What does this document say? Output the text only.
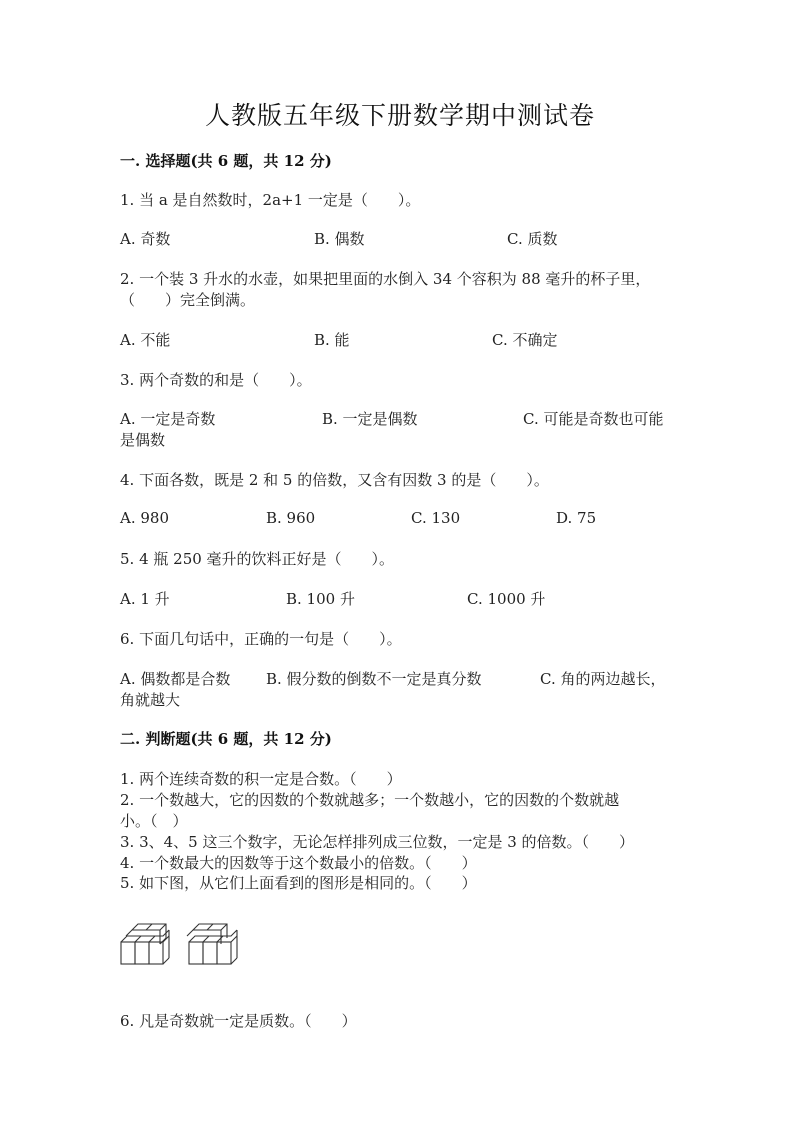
人教版五年级下册数学期中测试卷
一. 选择题(共 6 题，共 12 分)
1. 当 a 是自然数时，2a+1 一定是（　　）。
A. 奇数	B. 偶数	C. 质数
2. 一个装 3 升水的水壶，如果把里面的水倒入 34 个容积为 88 毫升的杯子里，
（　　）完全倒满。
A. 不能	B. 能	C. 不确定
3. 两个奇数的和是（　　）。
A. 一定是奇数	B. 一定是偶数	C. 可能是奇数也可能
是偶数
4. 下面各数，既是 2 和 5 的倍数，又含有因数 3 的是（　　）。
A. 980	B. 960	C. 130	D. 75
5. 4 瓶 250 毫升的饮料正好是（　　）。
A. 1 升	B. 100 升	C. 1000 升
6. 下面几句话中，正确的一句是（　　）。
A. 偶数都是合数 B. 假分数的倒数不一定是真分数	C. 角的两边越长，
角就越大
二. 判断题(共 6 题，共 12 分)
1. 两个连续奇数的积一定是合数。（　　）
2. 一个数越大，它的因数的个数就越多；一个数越小，它的因数的个数就越
小。（　）
3. 3、4、5 这三个数字，无论怎样排列成三位数，一定是 3 的倍数。（　　）
4. 一个数最大的因数等于这个数最小的倍数。（　　）
5. 如下图，从它们上面看到的图形是相同的。（　　）
6. 凡是奇数就一定是质数。（　　）
